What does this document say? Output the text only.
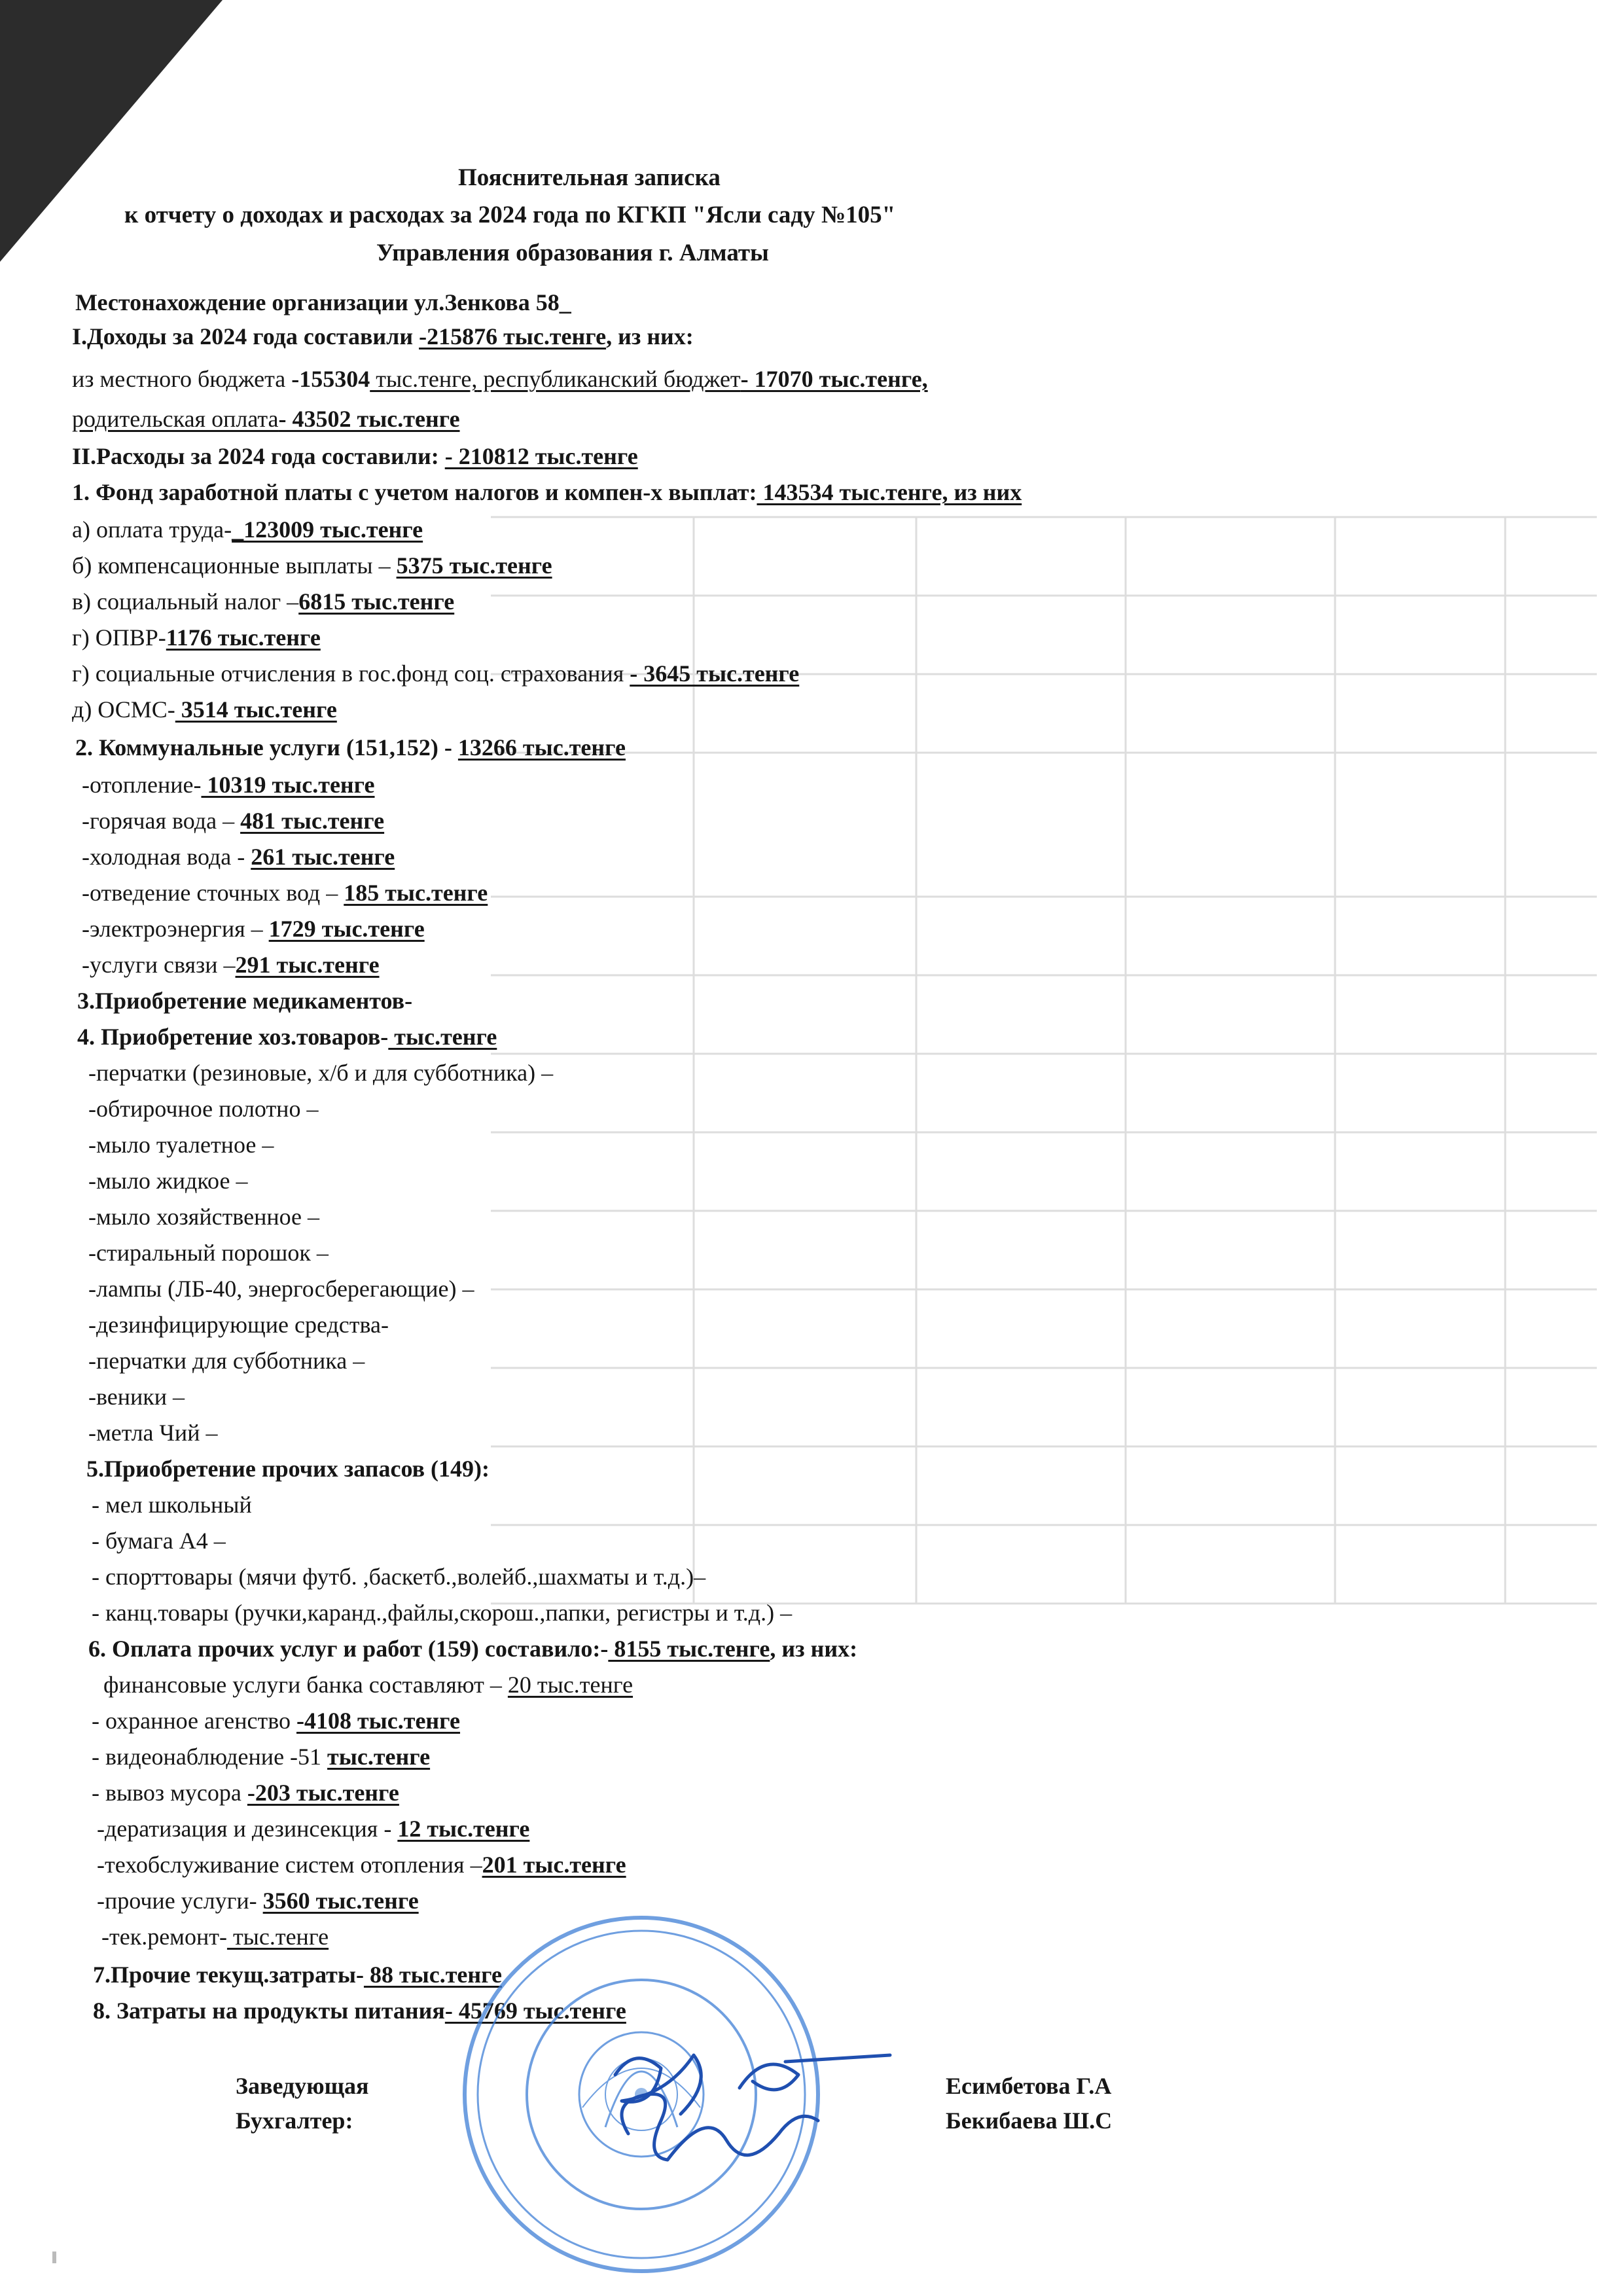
Пояснительная записка
к отчету о доходах и расходах за 2024 года по КГКП "Ясли саду №105"
Управления образования г. Алматы
Местонахождение организации ул.Зенкова 58_
I.Доходы за 2024 года составили -215876 тыс.тенге, из них:
из местного бюджета -155304 тыс.тенге, республиканский бюджет- 17070 тыс.тенге,
родительская оплата- 43502 тыс.тенге
II.Расходы за 2024 года составили: - 210812 тыс.тенге
1. Фонд заработной платы с учетом налогов и компен-х выплат: 143534 тыс.тенге, из них
а) оплата труда-_123009 тыс.тенге
б) компенсационные выплаты – 5375 тыс.тенге
в) социальный налог –6815 тыс.тенге
г) ОПВР-1176 тыс.тенге
г) социальные отчисления в гос.фонд соц. страхования - 3645 тыс.тенге
д) ОСМС- 3514 тыс.тенге
2. Коммунальные услуги (151,152) - 13266 тыс.тенге
-отопление- 10319 тыс.тенге
-горячая вода – 481 тыс.тенге
-холодная вода - 261 тыс.тенге
-отведение сточных вод – 185 тыс.тенге
-электроэнергия – 1729 тыс.тенге
-услуги связи –291 тыс.тенге
3.Приобретение медикаментов-
4. Приобретение хоз.товаров- тыс.тенге
-перчатки (резиновые, х/б и для субботника) –
-обтирочное полотно –
-мыло туалетное –
-мыло жидкое –
-мыло хозяйственное –
-стиральный порошок –
-лампы (ЛБ-40, энергосберегающие) –
-дезинфицирующие средства-
-перчатки для субботника –
-веники –
-метла Чий –
5.Приобретение прочих запасов (149):
- мел школьный
- бумага А4 –
- спорттовары (мячи футб. ,баскетб.,волейб.,шахматы и т.д.)–
- канц.товары (ручки,каранд.,файлы,скорош.,папки, регистры и т.д.) –
6. Оплата прочих услуг и работ (159) составило:- 8155 тыс.тенге, из них:
финансовые услуги банка составляют – 20 тыс.тенге
- охранное агенство -4108 тыс.тенге
- видеонаблюдение -51 тыс.тенге
- вывоз мусора -203 тыс.тенге
-дератизация и дезинсекция - 12 тыс.тенге
-техобслуживание систем отопления –201 тыс.тенге
-прочие услуги- 3560 тыс.тенге
-тек.ремонт- тыс.тенге
7.Прочие текущ.затраты- 88 тыс.тенге
8. Затраты на продукты питания- 45769 тыс.тенге
Заведующая	Есимбетова Г.А
Бухгалтер:	Бекибаева Ш.С
